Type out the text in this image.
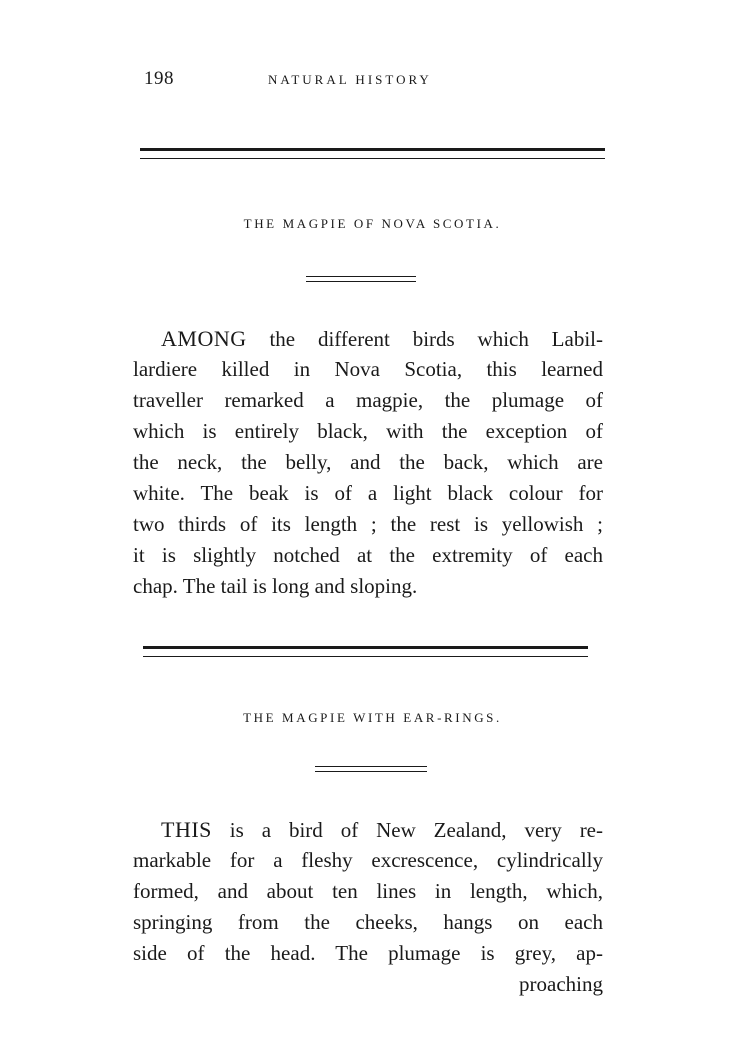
198	NATURAL HISTORY
THE MAGPIE OF NOVA SCOTIA.
AMONG the different birds which Labil-
lardiere killed in Nova Scotia, this learned
traveller remarked a magpie, the plumage of
which is entirely black, with the exception of
the neck, the belly, and the back, which are
white. The beak is of a light black colour for
two thirds of its length ; the rest is yellowish ;
it is slightly notched at the extremity of each
chap. The tail is long and sloping.
THE MAGPIE WITH EAR-RINGS.
THIS is a bird of New Zealand, very re-
markable for a fleshy excrescence, cylindrically
formed, and about ten lines in length, which,
springing from the cheeks, hangs on each
side of the head. The plumage is grey, ap-
proaching
